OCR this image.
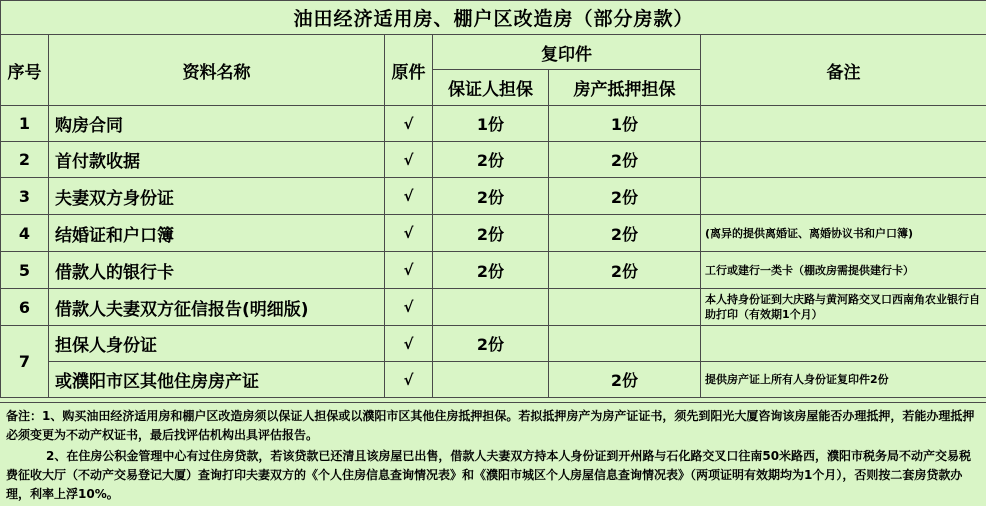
油田经济适用房、棚户区改造房（部分房款）					
序号	资料名称	原件	复印件		备注
			保证人担保	房产抵押担保	
1	购房合同	√	1份	1份	
2	首付款收据	√	2份	2份	
3	夫妻双方身份证	√	2份	2份	
4	结婚证和户口簿	√	2份	2份	(离异的提供离婚证、离婚协议书和户口簿)
5	借款人的银行卡	√	2份	2份	工行或建行一类卡（棚改房需提供建行卡）
6	借款人夫妻双方征信报告(明细版)	√			本人持身份证到大庆路与黄河路交叉口西南角农业银行自助打印（有效期1个月）
7	担保人身份证	√	2份		
	或濮阳市区其他住房房产证	√		2份	提供房产证上所有人身份证复印件2份

备注：1、购买油田经济适用房和棚户区改造房须以保证人担保或以濮阳市区其他住房抵押担保。若拟抵押房产为房产证证书，须先到阳光大厦咨询该房屋能否办理抵押，若能办理抵押必须变更为不动产权证书，最后找评估机构出具评估报告。

2、在住房公积金管理中心有过住房贷款，若该贷款已还清且该房屋已出售，借款人夫妻双方持本人身份证到开州路与石化路交叉口往南50米路西，濮阳市税务局不动产交易税费征收大厅（不动产交易登记大厦）查询打印夫妻双方的《个人住房信息查询情况表》和《濮阳市城区个人房屋信息查询情况表》（两项证明有效期均为1个月），否则按二套房贷款办理，利率上浮10%。
